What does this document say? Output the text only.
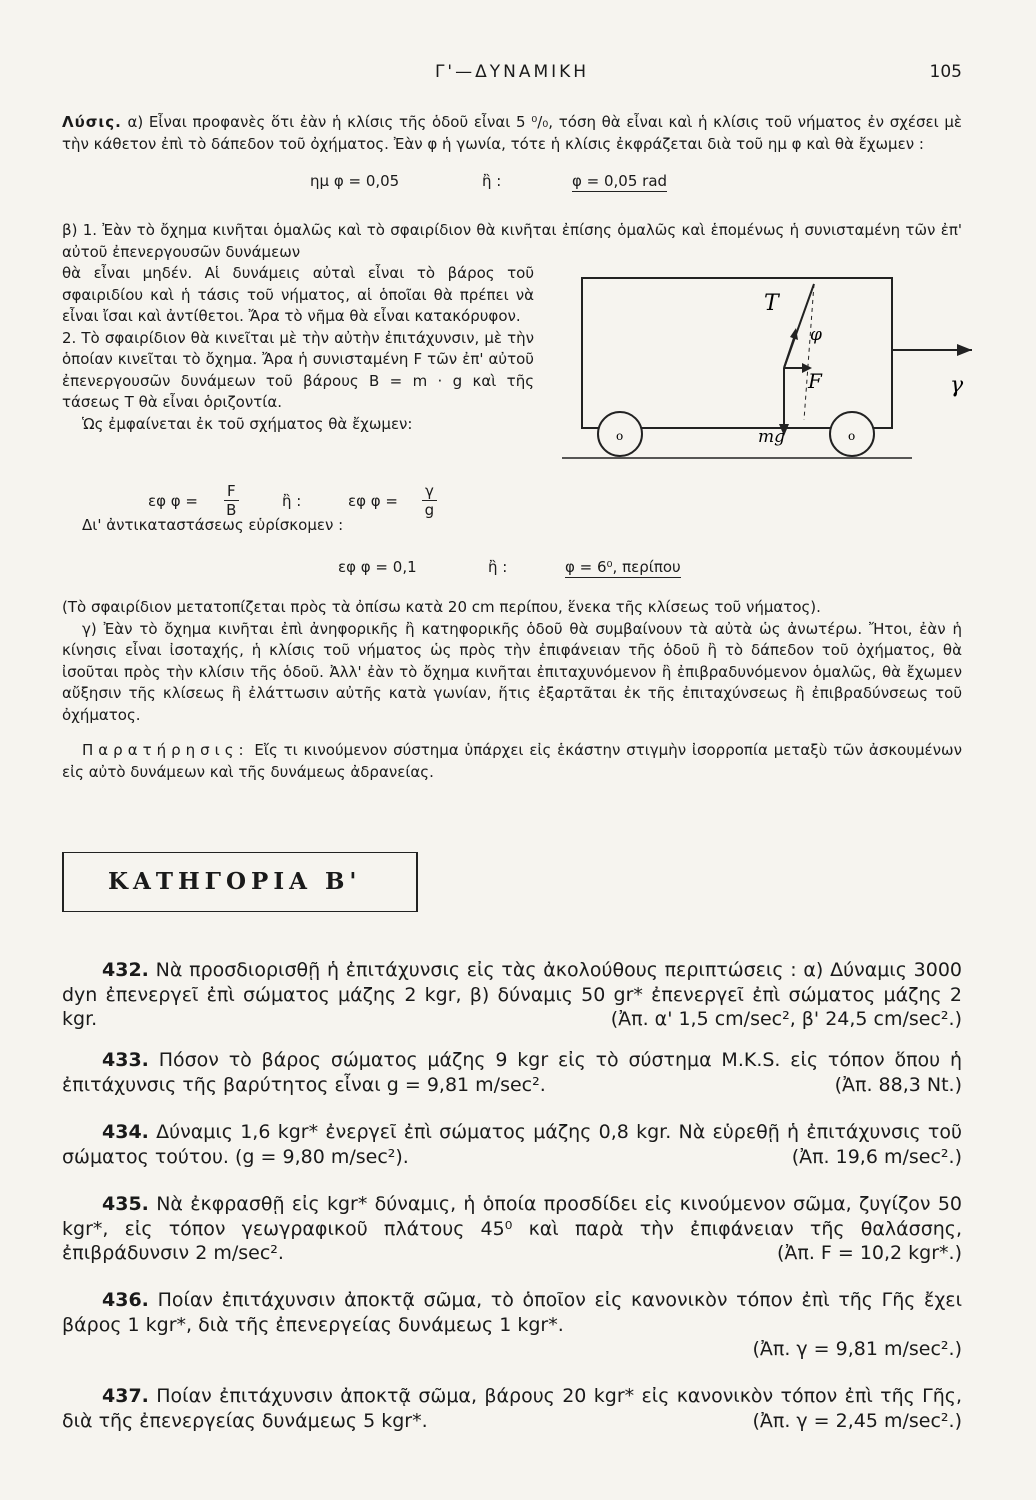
Γ'—ΔΥΝΑΜΙΚΗ	105

Λύσις. α) Εἶναι προφανὲς ὅτι ἐὰν ἡ κλίσις τῆς ὁδοῦ εἶναι 5 ⁰/₀, τόση θὰ εἶναι καὶ ἡ κλίσις τοῦ νήματος ἐν σχέσει μὲ τὴν κάθετον ἐπὶ τὸ δάπεδον τοῦ ὀχήματος. Ἐὰν φ ἡ γωνία, τότε ἡ κλίσις ἐκφράζεται διὰ τοῦ ημ φ καὶ θὰ ἔχωμεν :

ημ φ = 0,05	ἢ :	φ = 0,05 rad

β) 1. Ἐὰν τὸ ὄχημα κινῆται ὁμαλῶς καὶ τὸ σφαιρίδιον θὰ κινῆται ἐπίσης ὁμαλῶς καὶ ἑπομένως ἡ συνισταμένη τῶν ἐπ' αὐτοῦ ἐπενεργουσῶν δυνάμεων

θὰ εἶναι μηδέν. Αἱ δυνάμεις αὐταὶ εἶναι τὸ βάρος τοῦ σφαιριδίου καὶ ἡ τάσις τοῦ νήματος, αἱ ὁποῖαι θὰ πρέπει νὰ εἶναι ἴσαι καὶ ἀντίθετοι. Ἄρα τὸ νῆμα θὰ εἶναι κατακόρυφον.

2. Τὸ σφαιρίδιον θὰ κινεῖται μὲ τὴν αὐτὴν ἐπιτάχυνσιν, μὲ τὴν ὁποίαν κινεῖται τὸ ὄχημα. Ἄρα ἡ συνισταμένη F τῶν ἐπ' αὐτοῦ ἐπενεργουσῶν δυνάμεων τοῦ βάρους Β = m · g καὶ τῆς τάσεως Τ θὰ εἶναι ὁριζοντία.

Ὡς ἐμφαίνεται ἐκ τοῦ σχήματος θὰ ἔχωμεν:

o	o
T
φ
F
mg
γ
εφ $\varphi = \frac{F}{B}$	ἢ :	εφ $\varphi = \frac{\gamma}{g}$
Δι' ἀντικαταστάσεως εὑρίσκομεν :
εφ φ = 0,1	ἢ :	φ = 6⁰, περίπου

(Τὸ σφαιρίδιον μετατοπίζεται πρὸς τὰ ὀπίσω κατὰ 20 cm περίπου, ἕνεκα τῆς κλίσεως τοῦ νήματος).

γ) Ἐὰν τὸ ὄχημα κινῆται ἐπὶ ἀνηφορικῆς ἢ κατηφορικῆς ὁδοῦ θὰ συμβαίνουν τὰ αὐτὰ ὡς ἀνωτέρω. Ἤτοι, ἐὰν ἡ κίνησις εἶναι ἰσοταχής, ἡ κλίσις τοῦ νήματος ὡς πρὸς τὴν ἐπιφάνειαν τῆς ὁδοῦ ἢ τὸ δάπεδον τοῦ ὀχήματος, θὰ ἰσοῦται πρὸς τὴν κλίσιν τῆς ὁδοῦ. Ἀλλ' ἐὰν τὸ ὄχημα κινῆται ἐπιταχυνόμενον ἢ ἐπιβραδυνόμενον ὁμαλῶς, θὰ ἔχωμεν αὔξησιν τῆς κλίσεως ἢ ἐλάττωσιν αὐτῆς κατὰ γωνίαν, ἥτις ἐξαρτᾶται ἐκ τῆς ἐπιταχύνσεως ἢ ἐπιβραδύνσεως τοῦ ὀχήματος.

Παρατήρησις: Εἴς τι κινούμενον σύστημα ὑπάρχει εἰς ἑκάστην στιγμὴν ἰσορροπία μεταξὺ τῶν ἀσκουμένων εἰς αὐτὸ δυνάμεων καὶ τῆς δυνάμεως ἀδρανείας.

ΚΑΤΗΓΟΡΙΑ Β'
432. Νὰ προσδιορισθῇ ἡ ἐπιτάχυνσις εἰς τὰς ἀκολούθους περιπτώσεις : α) Δύναμις 3000 dyn ἐπενεργεῖ ἐπὶ σώματος μάζης 2 kgr, β) δύναμις 50 gr* ἐπενεργεῖ ἐπὶ σώματος μάζης 2 kgr.	(Ἀπ. α' 1,5 cm/sec², β' 24,5 cm/sec².)
433. Πόσον τὸ βάρος σώματος μάζης 9 kgr εἰς τὸ σύστημα M.K.S. εἰς τόπον ὅπου ἡ ἐπιτάχυνσις τῆς βαρύτητος εἶναι g = 9,81 m/sec².	(Ἀπ. 88,3 Nt.)
434. Δύναμις 1,6 kgr* ἐνεργεῖ ἐπὶ σώματος μάζης 0,8 kgr. Νὰ εὑρεθῇ ἡ ἐπιτάχυνσις τοῦ σώματος τούτου. (g = 9,80 m/sec²).	(Ἀπ. 19,6 m/sec².)
435. Νὰ ἐκφρασθῇ εἰς kgr* δύναμις, ἡ ὁποία προσδίδει εἰς κινούμενον σῶμα, ζυγίζον 50 kgr*, εἰς τόπον γεωγραφικοῦ πλάτους 45⁰ καὶ παρὰ τὴν ἐπιφάνειαν τῆς θαλάσσης, ἐπιβράδυνσιν 2 m/sec².	(Ἀπ. F = 10,2 kgr*.)
436. Ποίαν ἐπιτάχυνσιν ἀποκτᾷ σῶμα, τὸ ὁποῖον εἰς κανονικὸν τόπον ἐπὶ τῆς Γῆς ἔχει βάρος 1 kgr*, διὰ τῆς ἐπενεργείας δυνάμεως 1 kgr*.
(Ἀπ. γ = 9,81 m/sec².)
437. Ποίαν ἐπιτάχυνσιν ἀποκτᾷ σῶμα, βάρους 20 kgr* εἰς κανονικὸν τόπον ἐπὶ τῆς Γῆς, διὰ τῆς ἐπενεργείας δυνάμεως 5 kgr*.	(Ἀπ. γ = 2,45 m/sec².)
